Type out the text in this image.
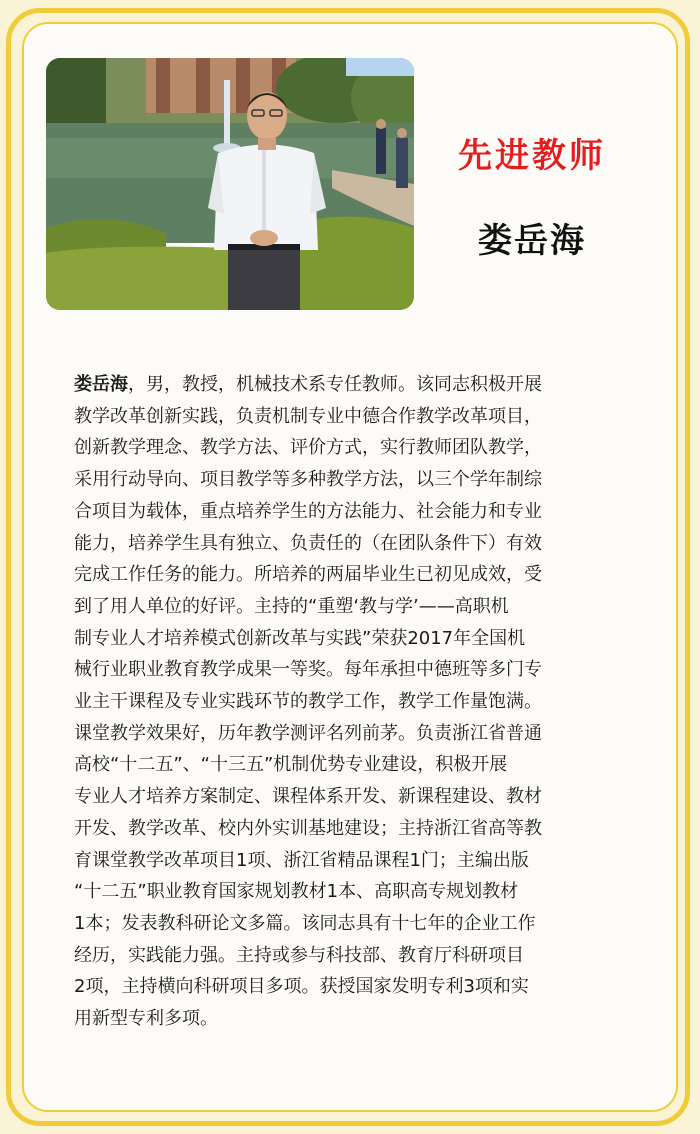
先进教师
娄岳海
娄岳海，男，教授，机械技术系专任教师。该同志积极开展
教学改革创新实践，负责机制专业中德合作教学改革项目，
创新教学理念、教学方法、评价方式，实行教师团队教学，
采用行动导向、项目教学等多种教学方法，以三个学年制综
合项目为载体，重点培养学生的方法能力、社会能力和专业
能力，培养学生具有独立、负责任的（在团队条件下）有效
完成工作任务的能力。所培养的两届毕业生已初见成效，受
到了用人单位的好评。主持的“重塑‘教与学’——高职机
制专业人才培养模式创新改革与实践”荣获2017年全国机
械行业职业教育教学成果一等奖。每年承担中德班等多门专
业主干课程及专业实践环节的教学工作，教学工作量饱满。
课堂教学效果好，历年教学测评名列前茅。负责浙江省普通
高校“十二五”、“十三五”机制优势专业建设，积极开展
专业人才培养方案制定、课程体系开发、新课程建设、教材
开发、教学改革、校内外实训基地建设；主持浙江省高等教
育课堂教学改革项目1项、浙江省精品课程1门；主编出版
“十二五”职业教育国家规划教材1本、高职高专规划教材
1本；发表教科研论文多篇。该同志具有十七年的企业工作
经历，实践能力强。主持或参与科技部、教育厅科研项目
2项，主持横向科研项目多项。获授国家发明专利3项和实
用新型专利多项。
